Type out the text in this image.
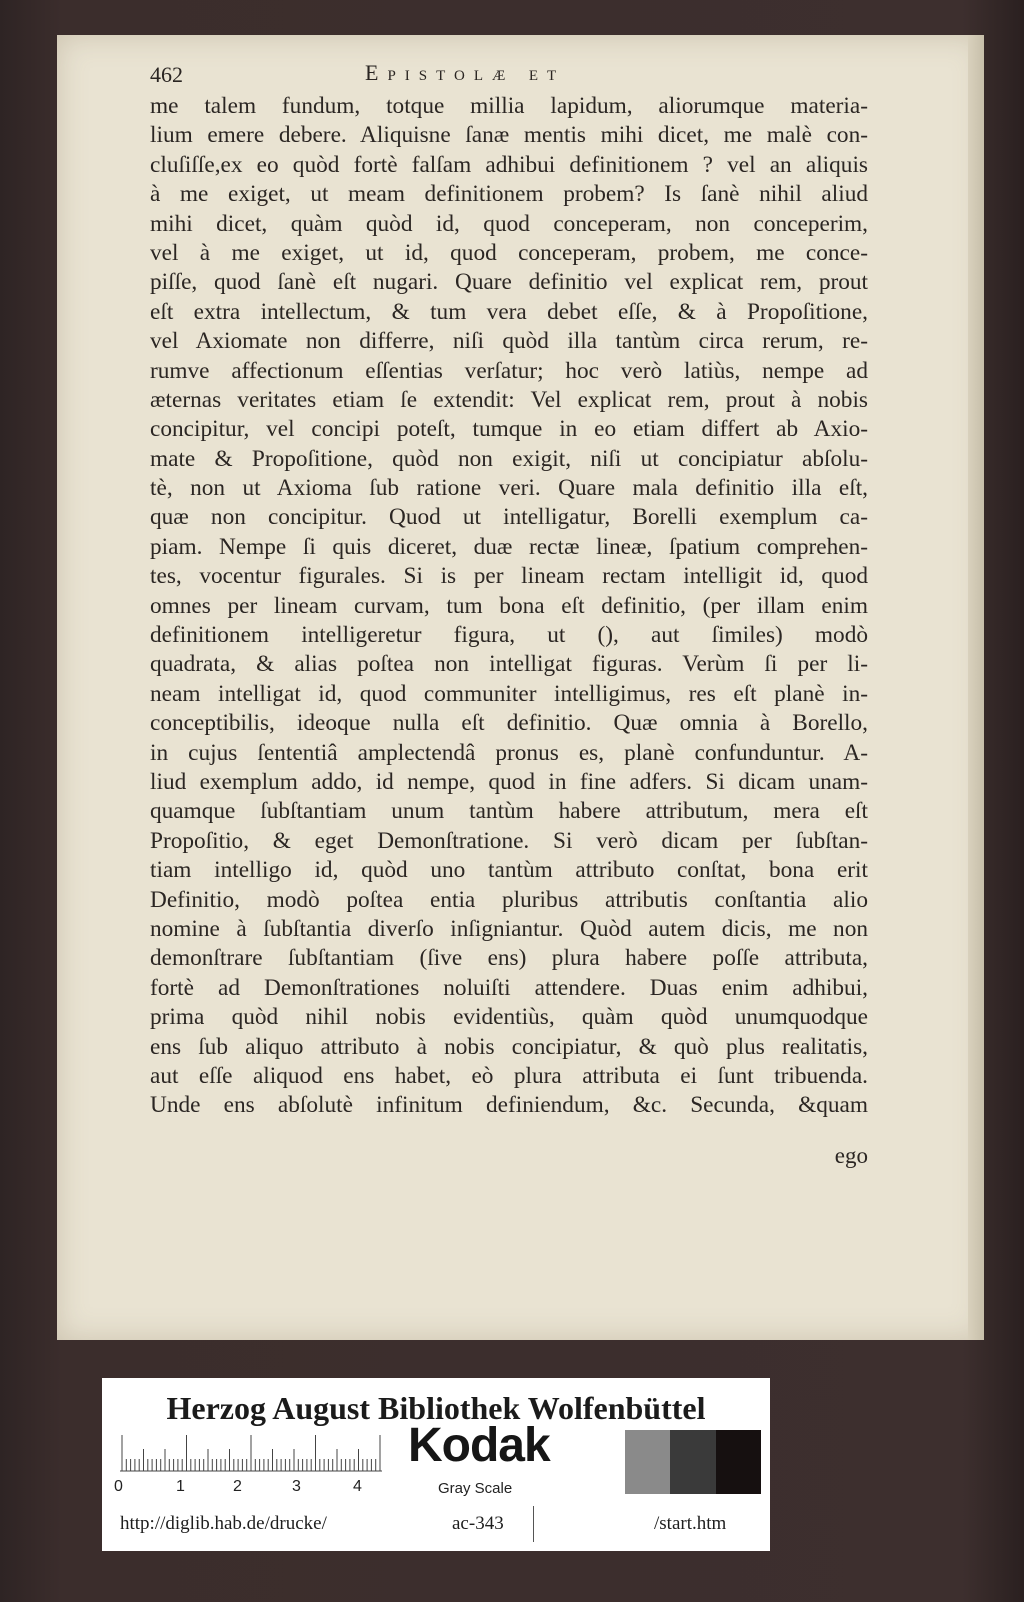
462	Epistolæ et
me talem fundum, totque millia lapidum, aliorumque materia-
lium emere debere. Aliquisne ſanæ mentis mihi dicet, me malè con-
cluſiſſe,ex eo quòd fortè falſam adhibui definitionem ? vel an aliquis
à me exiget, ut meam definitionem probem? Is ſanè nihil aliud
mihi dicet, quàm quòd id, quod conceperam, non conceperim,
vel à me exiget, ut id, quod conceperam, probem, me conce-
piſſe, quod ſanè eſt nugari. Quare definitio vel explicat rem, prout
eſt extra intellectum, & tum vera debet eſſe, & à Propoſitione,
vel Axiomate non differre, niſi quòd illa tantùm circa rerum, re-
rumve affectionum eſſentias verſatur; hoc verò latiùs, nempe ad
æternas veritates etiam ſe extendit: Vel explicat rem, prout à nobis
concipitur, vel concipi poteſt, tumque in eo etiam differt ab Axio-
mate & Propoſitione, quòd non exigit, niſi ut concipiatur abſolu-
tè, non ut Axioma ſub ratione veri. Quare mala definitio illa eſt,
quæ non concipitur. Quod ut intelligatur, Borelli exemplum ca-
piam. Nempe ſi quis diceret, duæ rectæ lineæ, ſpatium comprehen-
tes, vocentur figurales. Si is per lineam rectam intelligit id, quod
omnes per lineam curvam, tum bona eſt definitio, (per illam enim
definitionem intelligeretur figura, ut (), aut ſimiles) modò
quadrata, & alias poſtea non intelligat figuras. Verùm ſi per li-
neam intelligat id, quod communiter intelligimus, res eſt planè in-
conceptibilis, ideoque nulla eſt definitio. Quæ omnia à Borello,
in cujus ſententiâ amplectendâ pronus es, planè confunduntur. A-
liud exemplum addo, id nempe, quod in fine adfers. Si dicam unam-
quamque ſubſtantiam unum tantùm habere attributum, mera eſt
Propoſitio, & eget Demonſtratione. Si verò dicam per ſubſtan-
tiam intelligo id, quòd uno tantùm attributo conſtat, bona erit
Definitio, modò poſtea entia pluribus attributis conſtantia alio
nomine à ſubſtantia diverſo inſigniantur. Quòd autem dicis, me non
demonſtrare ſubſtantiam (ſive ens) plura habere poſſe attributa,
fortè ad Demonſtrationes noluiſti attendere. Duas enim adhibui,
prima quòd nihil nobis evidentiùs, quàm quòd unumquodque
ens ſub aliquo attributo à nobis concipiatur, & quò plus realitatis,
aut eſſe aliquod ens habet, eò plura attributa ei ſunt tribuenda.
Unde ens abſolutè infinitum definiendum, &c. Secunda, &quam
ego
Herzog August Bibliothek Wolfenbüttel
0	1	2	3	4
Kodak
Gray Scale
http://diglib.hab.de/drucke/	ac-343	/start.htm
